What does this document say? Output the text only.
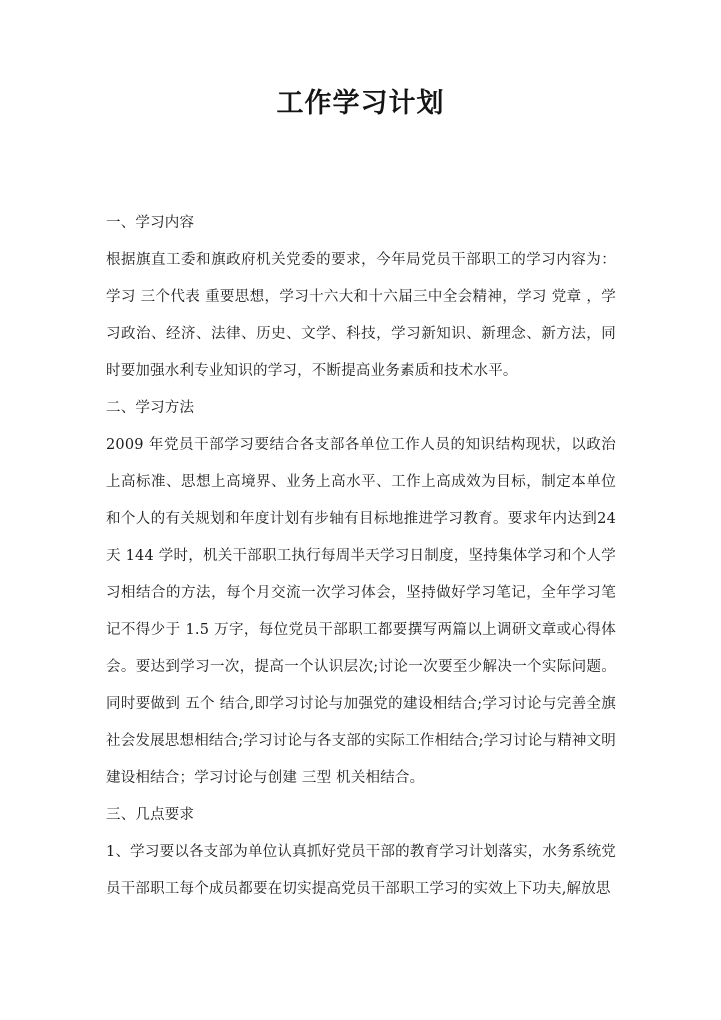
工作学习计划

一、学习内容

根据旗直工委和旗政府机关党委的要求，今年局党员干部职工的学习内容为：学习 三个代表 重要思想，学习十六大和十六届三中全会精神，学习 党章 ，学习政治、经济、法律、历史、文学、科技，学习新知识、新理念、新方法，同时要加强水利专业知识的学习，不断提高业务素质和技术水平。

二、学习方法

2009 年党员干部学习要结合各支部各单位工作人员的知识结构现状，以政治上高标准、思想上高境界、业务上高水平、工作上高成效为目标，制定本单位和个人的有关规划和年度计划有步轴有目标地推进学习教育。要求年内达到24 天 144 学时，机关干部职工执行每周半天学习日制度，坚持集体学习和个人学习相结合的方法，每个月交流一次学习体会，坚持做好学习笔记，全年学习笔记不得少于 1.5 万字，每位党员干部职工都要撰写两篇以上调研文章或心得体会。要达到学习一次，提高一个认识层次;讨论一次要至少解决一个实际问题。同时要做到 五个 结合,即学习讨论与加强党的建设相结合;学习讨论与完善全旗社会发展思想相结合;学习讨论与各支部的实际工作相结合;学习讨论与精神文明建设相结合；学习讨论与创建 三型 机关相结合。

三、几点要求

1、学习要以各支部为单位认真抓好党员干部的教育学习计划落实，水务系统党员干部职工每个成员都要在切实提高党员干部职工学习的实效上下功夫,解放思
